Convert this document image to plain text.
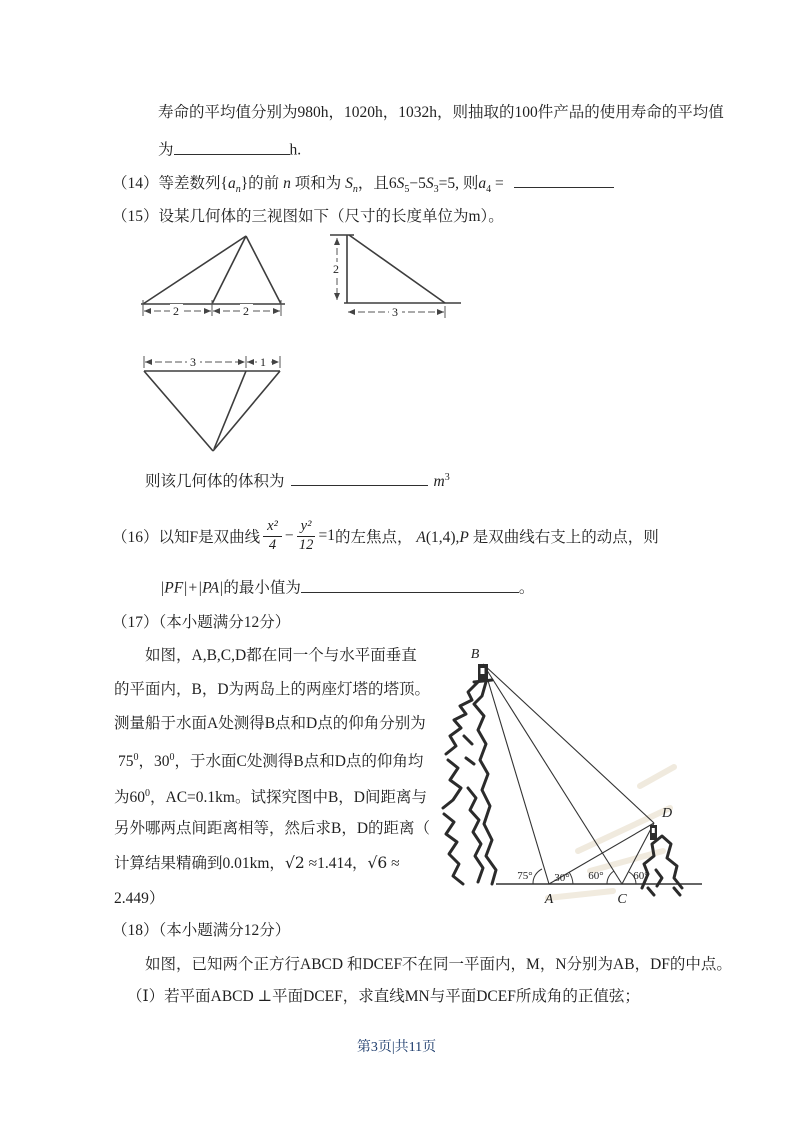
寿命的平均值分别为980h，1020h，1032h，则抽取的100件产品的使用寿命的平均值
为	h.
（14）等差数列$\{a_n\}$的前 n 项和为 $S_n$，且$6S_5-5S_3=5$, 则$a_4$ =
（15）设某几何体的三视图如下（尺寸的长度单位为m）。
2	2
2
3
3	1
则该几何体的体积为	$m^3$
（16）以知F是双曲线 $\frac{\text{x²}}{4} - \frac{\text{y²}}{12} =1$ 的左焦点， A(1,4),P 是双曲线右支上的动点，则
|PF|+|PA|的最小值为	。
（17）（本小题满分12分）
如图，A,B,C,D都在同一个与水平面垂直
的平面内，B，D为两岛上的两座灯塔的塔顶。
测量船于水面A处测得B点和D点的仰角分别为
$75^0$，$30^0$，于水面C处测得B点和D点的仰角均
为$60^0$，AC=0.1km。试探究图中B，D间距离与
另外哪两点间距离相等，然后求B，D的距离（
计算结果精确到0.01km，√2 ≈1.414，√6 ≈
2.449）
B
D
A	C
75° 30° 60°	60°
（18）（本小题满分12分）
如图，已知两个正方行ABCD 和DCEF不在同一平面内，M，N分别为AB，DF的中点。
（Ⅰ）若平面ABCD ⊥平面DCEF，求直线MN与平面DCEF所成角的正值弦；
第3页|共11页
